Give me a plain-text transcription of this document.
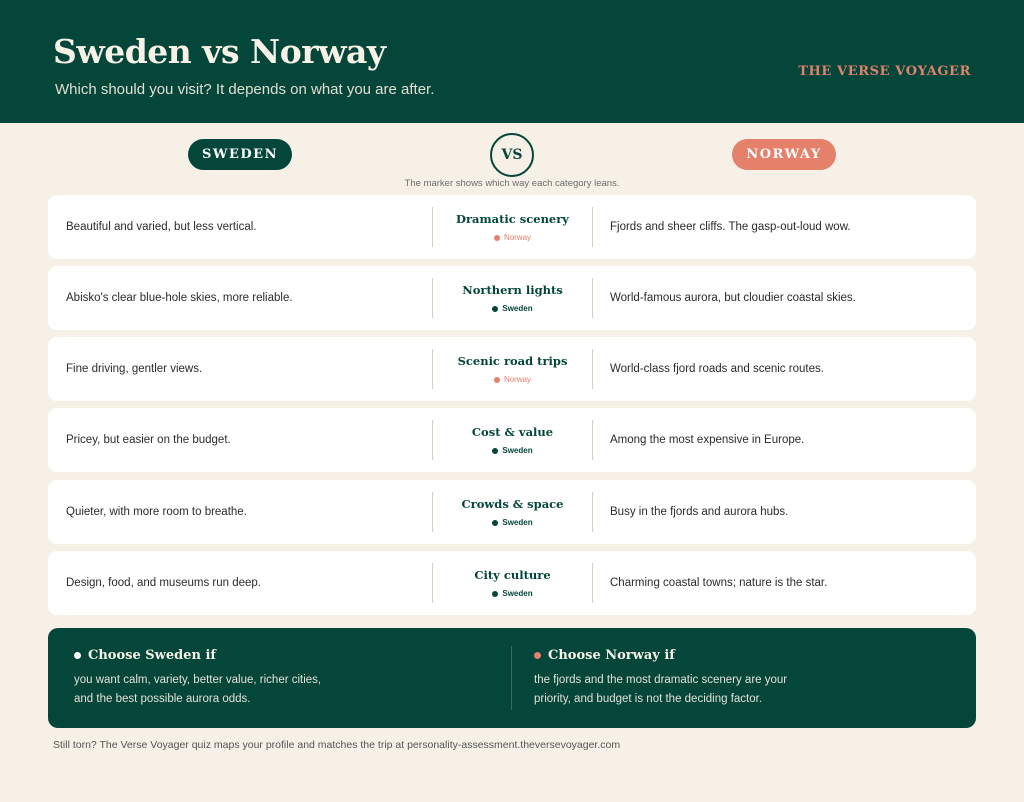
Sweden vs Norway
Which should you visit? It depends on what you are after.
THE VERSE VOYAGER
SWEDEN	VS	NORWAY
The marker shows which way each category leans.
Beautiful and varied, but less vertical.
Dramatic scenery
Norway
Fjords and sheer cliffs. The gasp-out-loud wow.
Abisko's clear blue-hole skies, more reliable.
Northern lights
Sweden
World-famous aurora, but cloudier coastal skies.
Fine driving, gentler views.
Scenic road trips
Norway
World-class fjord roads and scenic routes.
Pricey, but easier on the budget.
Cost & value
Sweden
Among the most expensive in Europe.
Quieter, with more room to breathe.
Crowds & space
Sweden
Busy in the fjords and aurora hubs.
Design, food, and museums run deep.
City culture
Sweden
Charming coastal towns; nature is the star.
Choose Sweden if
you want calm, variety, better value, richer cities,
and the best possible aurora odds.
Choose Norway if
the fjords and the most dramatic scenery are your
priority, and budget is not the deciding factor.
Still torn? The Verse Voyager quiz maps your profile and matches the trip at personality-assessment.theversevoyager.com
